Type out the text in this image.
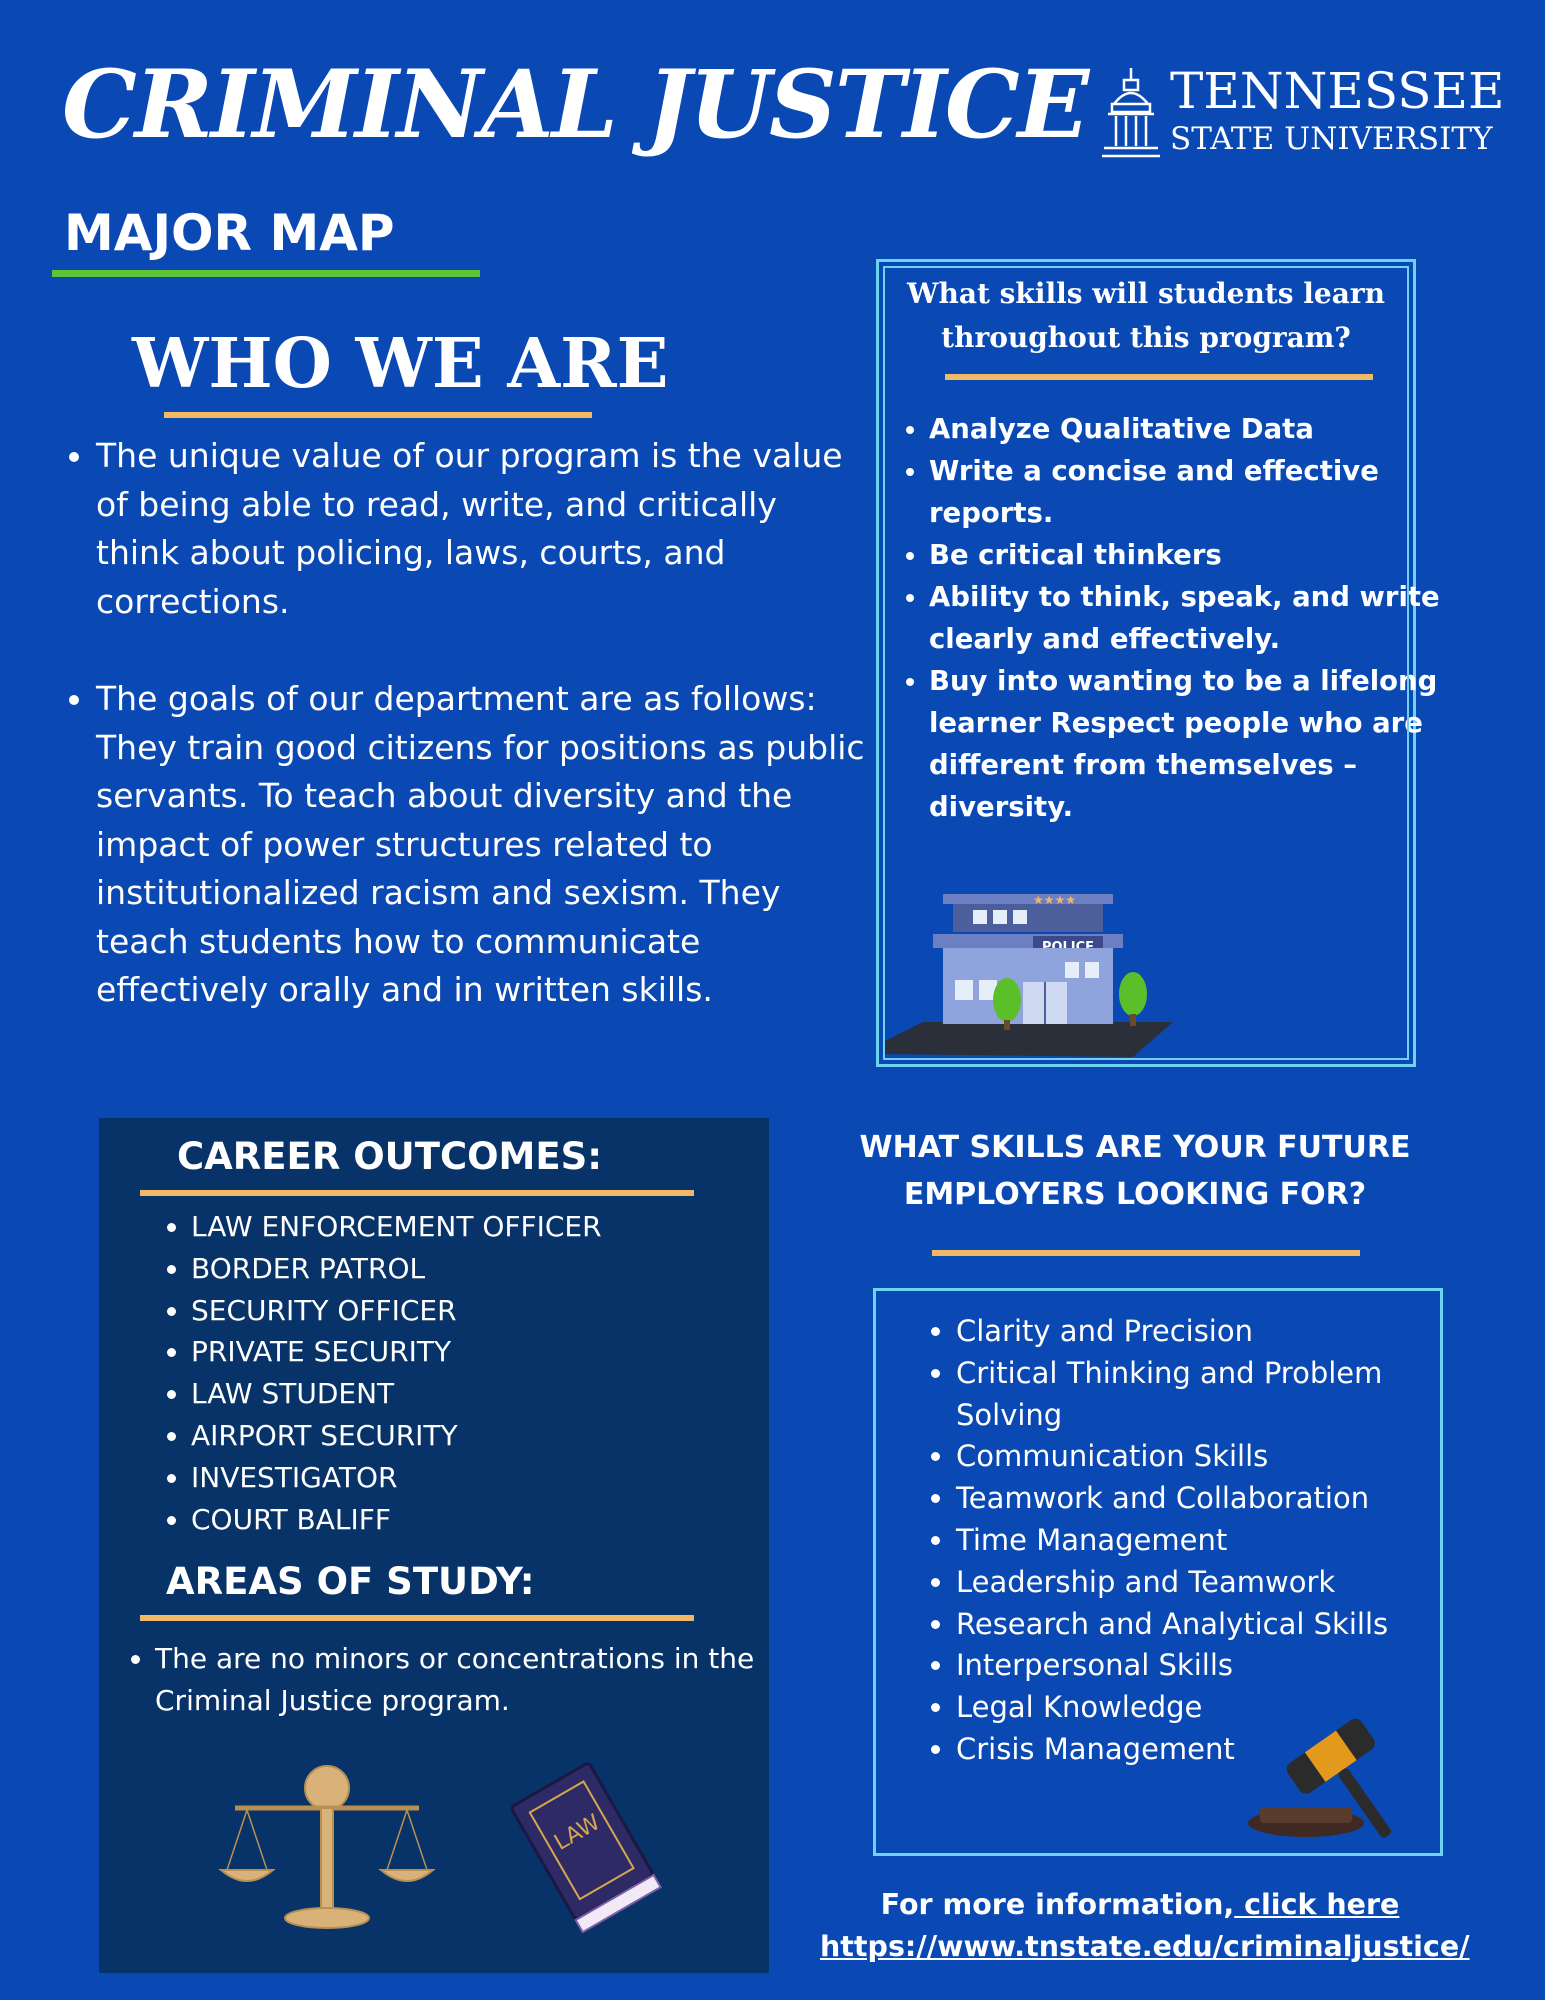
CRIMINAL JUSTICE TENNESSEE
STATE UNIVERSITY
MAJOR MAP
WHO WE ARE
• The unique value of our program is the value of being able to read, write, and critically think about policing, laws, courts, and corrections.
• The goals of our department are as follows: They train good citizens for positions as public servants. To teach about diversity and the impact of power structures related to institutionalized racism and sexism. They teach students how to communicate effectively orally and in written skills.

What skills will students learn throughout this program?

• Analyze Qualitative Data
• Write a concise and effective reports.
• Be critical thinkers
• Ability to think, speak, and write clearly and effectively.
• Buy into wanting to be a lifelong learner Respect people who are different from themselves – diversity.
★★★★
POLICE
CAREER OUTCOMES:
• LAW ENFORCEMENT OFFICER
• BORDER PATROL
• SECURITY OFFICER
• PRIVATE SECURITY
• LAW STUDENT
• AIRPORT SECURITY
• INVESTIGATOR
• COURT BALIFF
AREAS OF STUDY:
• The are no minors or concentrations in the Criminal Justice program.
LAW

WHAT SKILLS ARE YOUR FUTURE EMPLOYERS LOOKING FOR?

• Clarity and Precision
• Critical Thinking and Problem Solving
• Communication Skills
• Teamwork and Collaboration
• Time Management
• Leadership and Teamwork
• Research and Analytical Skills
• Interpersonal Skills
• Legal Knowledge
• Crisis Management

For more information, click here
https://www.tnstate.edu/criminaljustice/
